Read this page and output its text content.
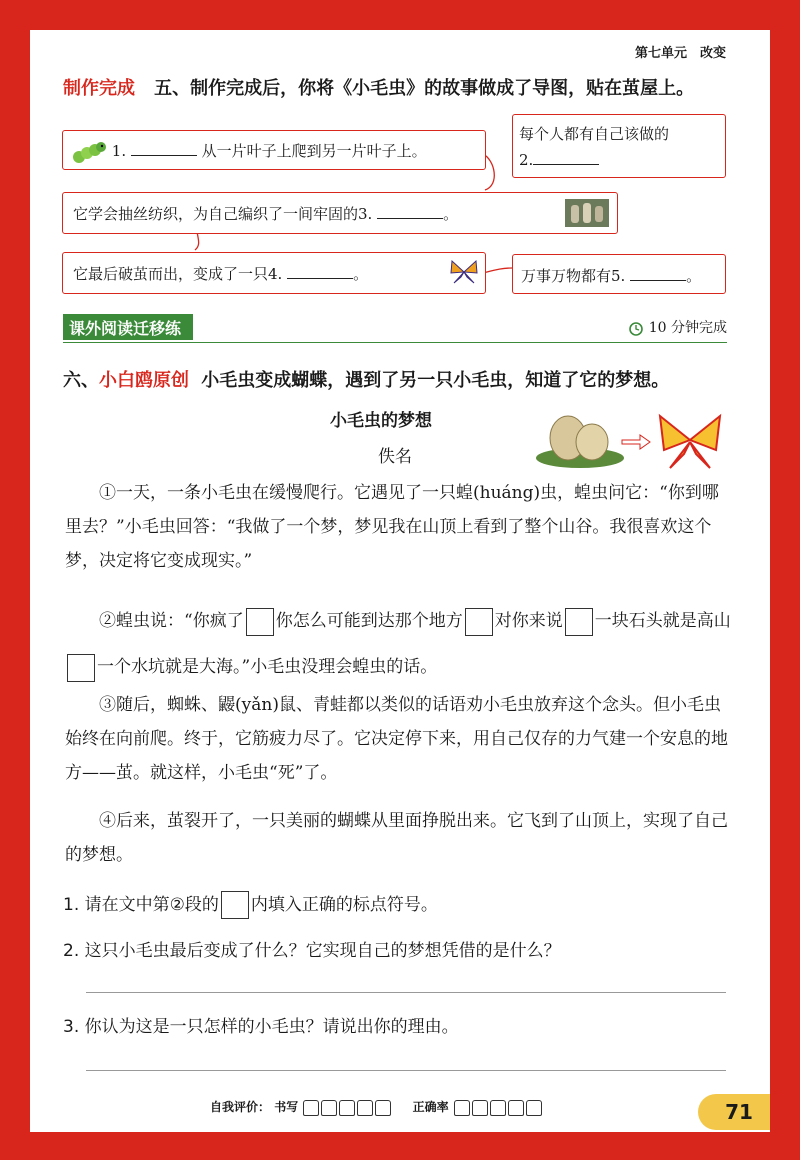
第七单元　改变
制作完成 五、制作完成后，你将《小毛虫》的故事做成了导图，贴在茧屋上。
1.	从一片叶子上爬到另一片叶子上。
每个人都有自己该做的
2.
它学会抽丝纺织，为自己编织了一间牢固的3.	。
它最后破茧而出，变成了一只4.	。	万事万物都有5.	。
课外阅读迁移练	10 分钟完成
六、小白鸥原创 小毛虫变成蝴蝶，遇到了另一只小毛虫，知道了它的梦想。
小毛虫的梦想
佚名
①一天，一条小毛虫在缓慢爬行。它遇见了一只蝗(huáng)虫，蝗虫问它：“你到哪里去？”小毛虫回答：“我做了一个梦，梦见我在山顶上看到了整个山谷。我很喜欢这个梦，决定将它变成现实。”
②蝗虫说：“你疯了 你怎么可能到达那个地方 对你来说 一块石头就是高山一个水坑就是大海。”小毛虫没理会蝗虫的话。
③随后，蜘蛛、鼹(yǎn)鼠、青蛙都以类似的话语劝小毛虫放弃这个念头。但小毛虫始终在向前爬。终于，它筋疲力尽了。它决定停下来，用自己仅存的力气建一个安息的地方——茧。就这样，小毛虫“死”了。
④后来，茧裂开了，一只美丽的蝴蝶从里面挣脱出来。它飞到了山顶上，实现了自己的梦想。
1. 请在文中第②段的 内填入正确的标点符号。
2. 这只小毛虫最后变成了什么？它实现自己的梦想凭借的是什么？
3. 你认为这是一只怎样的小毛虫？请说出你的理由。
自我评价： 书写	正确率	71
